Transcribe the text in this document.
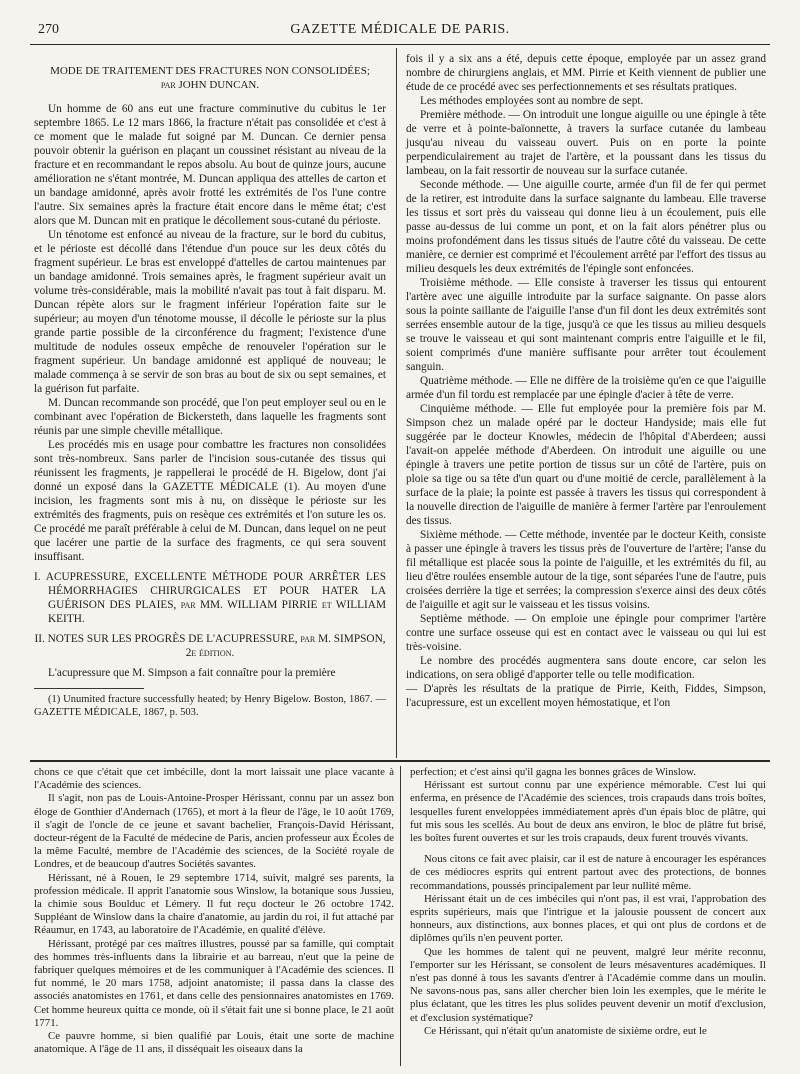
270	GAZETTE MÉDICALE DE PARIS.

MODE DE TRAITEMENT DES FRACTURES NON CONSOLIDÉES;
par JOHN DUNCAN.

Un homme de 60 ans eut une fracture comminutive du cubitus le 1er septembre 1865. Le 12 mars 1866, la fracture n'était pas consolidée et c'est à ce moment que le malade fut soigné par M. Duncan. Ce dernier pensa pouvoir obtenir la guérison en plaçant un coussinet résistant au niveau de la fracture et en recommandant le repos absolu. Au bout de quinze jours, aucune amélioration ne s'étant montrée, M. Duncan appliqua des attelles de carton et un bandage amidonné, après avoir frotté les extrémités de l'os l'une contre l'autre. Six semaines après la fracture était encore dans le même état; c'est alors que M. Duncan mit en pratique le décollement sous-cutané du périoste.

Un ténotome est enfoncé au niveau de la fracture, sur le bord du cubitus, et le périoste est décollé dans l'étendue d'un pouce sur les deux côtés du fragment supérieur. Le bras est enveloppé d'attelles de cartou maintenues par un bandage amidonné. Trois semaines après, le fragment supérieur avait un volume très-considérable, mais la mobilité n'avait pas tout à fait disparu. M. Duncan répète alors sur le fragment inférieur l'opération faite sur le supérieur; au moyen d'un ténotome mousse, il décolle le périoste sur la plus grande partie possible de la circonférence du fragment; l'existence d'une multitude de nodules osseux empêche de renouveler l'opération sur le fragment supérieur. Un bandage amidonné est appliqué de nouveau; le malade commença à se servir de son bras au bout de six ou sept semaines, et la guérison fut parfaite.

M. Duncan recommande son procédé, que l'on peut employer seul ou en le combinant avec l'opération de Bickersteth, dans laquelle les fragments sont réunis par une simple cheville métallique.

Les procédés mis en usage pour combattre les fractures non consolidées sont très-nombreux. Sans parler de l'incision sous-cutanée des tissus qui réunissent les fragments, je rappellerai le procédé de H. Bigelow, dont j'ai donné un exposé dans la GAZETTE MÉDICALE (1). Au moyen d'une incision, les fragments sont mis à nu, on dissèque le périoste sur les extrémités des fragments, puis on resèque ces extrémités et l'on suture les os. Ce procédé me paraît préférable à celui de M. Duncan, dans lequel on ne peut que lacérer une partie de la surface des fragments, ce qui sera souvent insuffisant.

I. ACUPRESSURE, EXCELLENTE MÉTHODE POUR ARRÊTER LES HÉMORRHAGIES CHIRURGICALES ET POUR HATER LA GUÉRISON DES PLAIES, par MM. WILLIAM PIRRIE et WILLIAM KEITH.

II. NOTES SUR LES PROGRÈS DE L'ACUPRESSURE, par M. SIMPSON,
2e édition.

L'acupressure que M. Simpson a fait connaître pour la première

(1) Unumited fracture successfully heated; by Henry Bigelow. Boston, 1867. — GAZETTE MÉDICALE, 1867, p. 503.

fois il y a six ans a été, depuis cette époque, employée par un assez grand nombre de chirurgiens anglais, et MM. Pirrie et Keith viennent de publier une étude de ce procédé avec ses perfectionnements et ses résultats pratiques.

Les méthodes employées sont au nombre de sept.

Première méthode. — On introduit une longue aiguille ou une épingle à tête de verre et à pointe-baïonnette, à travers la surface cutanée du lambeau jusqu'au niveau du vaisseau ouvert. Puis on en porte la pointe perpendiculairement au trajet de l'artère, et la poussant dans les tissus du lambeau, on la fait ressortir de nouveau sur la surface cutanée.

Seconde méthode. — Une aiguille courte, armée d'un fil de fer qui permet de la retirer, est introduite dans la surface saignante du lambeau. Elle traverse les tissus et sort près du vaisseau qui donne lieu à un écoulement, puis elle passe au-dessus de lui comme un pont, et on la fait alors pénétrer plus ou moins profondément dans les tissus situés de l'autre côté du vaisseau. De cette manière, ce dernier est comprimé et l'écoulement arrêté par l'effort des tissus au milieu desquels les deux extrémités de l'épingle sont enfoncées.

Troisième méthode. — Elle consiste à traverser les tissus qui entourent l'artère avec une aiguille introduite par la surface saignante. On passe alors sous la pointe saillante de l'aiguille l'anse d'un fil dont les deux extrémités sont serrées ensemble autour de la tige, jusqu'à ce que les tissus au milieu desquels se trouve le vaisseau et qui sont maintenant compris entre l'aiguille et le fil, soient comprimés d'une manière suffisante pour arrêter tout écoulement sanguin.

Quatrième méthode. — Elle ne diffère de la troisième qu'en ce que l'aiguille armée d'un fil tordu est remplacée par une épingle d'acier à tête de verre.

Cinquième méthode. — Elle fut employée pour la première fois par M. Simpson chez un malade opéré par le docteur Handyside; mais elle fut suggérée par le docteur Knowles, médecin de l'hôpital d'Aberdeen; aussi l'avait-on appelée méthode d'Aberdeen. On introduit une aiguille ou une épingle à travers une petite portion de tissus sur un côté de l'artère, puis on ploie sa tige ou sa tête d'un quart ou d'une moitié de cercle, parallèlement à la surface de la plaie; la pointe est passée à travers les tissus qui correspondent à la nouvelle direction de l'aiguille de manière à fermer l'artère par l'enroulement des tissus.

Sixième méthode. — Cette méthode, inventée par le docteur Keith, consiste à passer une épingle à travers les tissus près de l'ouverture de l'artère; l'anse du fil métallique est placée sous la pointe de l'aiguille, et les extrémités du fil, au lieu d'être roulées ensemble autour de la tige, sont séparées l'une de l'autre, puis croisées derrière la tige et serrées; la compression s'exerce ainsi des deux côtés de l'aiguille et agit sur le vaisseau et les tissus voisins.

Septième méthode. — On emploie une épingle pour comprimer l'artère contre une surface osseuse qui est en contact avec le vaisseau ou qui lui est très-voisine.

Le nombre des procédés augmentera sans doute encore, car selon les indications, on sera obligé d'apporter telle ou telle modification.

— D'après les résultats de la pratique de Pirrie, Keith, Fiddes, Simpson, l'acupressure, est un excellent moyen hémostatique, et l'on

chons ce que c'était que cet imbécille, dont la mort laissait une place vacante à l'Académie des sciences.

Il s'agit, non pas de Louis-Antoine-Prosper Hérissant, connu par un assez bon éloge de Gonthier d'Andernach (1765), et mort à la fleur de l'âge, le 10 août 1769, il s'agit de l'oncle de ce jeune et savant bachelier, François-David Hérissant, docteur-régent de la Faculté de médecine de Paris, ancien professeur aux Écoles de la même Faculté, membre de l'Académie des sciences, de la Société royale de Londres, et de beaucoup d'autres Sociétés savantes.

Hérissant, né à Rouen, le 29 septembre 1714, suivit, malgré ses parents, la profession médicale. Il apprit l'anatomie sous Winslow, la botanique sous Jussieu, la chimie sous Boulduc et Lémery. Il fut reçu docteur le 26 octobre 1742. Suppléant de Winslow dans la chaire d'anatomie, au jardin du roi, il fut attaché par Réaumur, en 1743, au laboratoire de l'Académie, en qualité d'élève.

Hérissant, protégé par ces maîtres illustres, poussé par sa famille, qui comptait des hommes très-influents dans la librairie et au barreau, n'eut que la peine de fabriquer quelques mémoires et de les communiquer à l'Académie des sciences. Il fut nommé, le 20 mars 1758, adjoint anatomiste; il passa dans la classe des associés anatomistes en 1761, et dans celle des pensionnaires anatomistes en 1769. Cet homme heureux quitta ce monde, où il s'était fait une si bonne place, le 21 août 1771.

Ce pauvre homme, si bien qualifié par Louis, était une sorte de machine anatomique. A l'âge de 11 ans, il disséquait les oiseaux dans la

perfection; et c'est ainsi qu'il gagna les bonnes grâces de Winslow.

Hérissant est surtout connu par une expérience mémorable. C'est lui qui enferma, en présence de l'Académie des sciences, trois crapauds dans trois boîtes, lesquelles furent enveloppées immédiatement après d'un épais bloc de plâtre, qui fut mis sous les scellés. Au bout de deux ans environ, le bloc de plâtre fut brisé, les boîtes furent ouvertes et sur les trois crapauds, deux furent trouvés vivants.

Nous citons ce fait avec plaisir, car il est de nature à encourager les espérances de ces médiocres esprits qui entrent partout avec des protections, de bonnes recommandations, poussés principalement par leur nullité même.

Hérissant était un de ces imbéciles qui n'ont pas, il est vrai, l'approbation des esprits supérieurs, mais que l'intrigue et la jalousie poussent de concert aux honneurs, aux distinctions, aux bonnes places, et qui ont plus de cordons et de diplômes qu'ils n'en peuvent porter.

Que les hommes de talent qui ne peuvent, malgré leur mérite reconnu, l'emporter sur les Hérissant, se consolent de leurs mésaventures académiques. Il n'est pas donné à tous les savants d'entrer à l'Académie comme dans un moulin. Ne savons-nous pas, sans aller chercher bien loin les exemples, que le mérite le plus éclatant, que les titres les plus solides peuvent devenir un motif d'exclusion, et d'exclusion systématique?

Ce Hérissant, qui n'était qu'un anatomiste de sixième ordre, eut le
